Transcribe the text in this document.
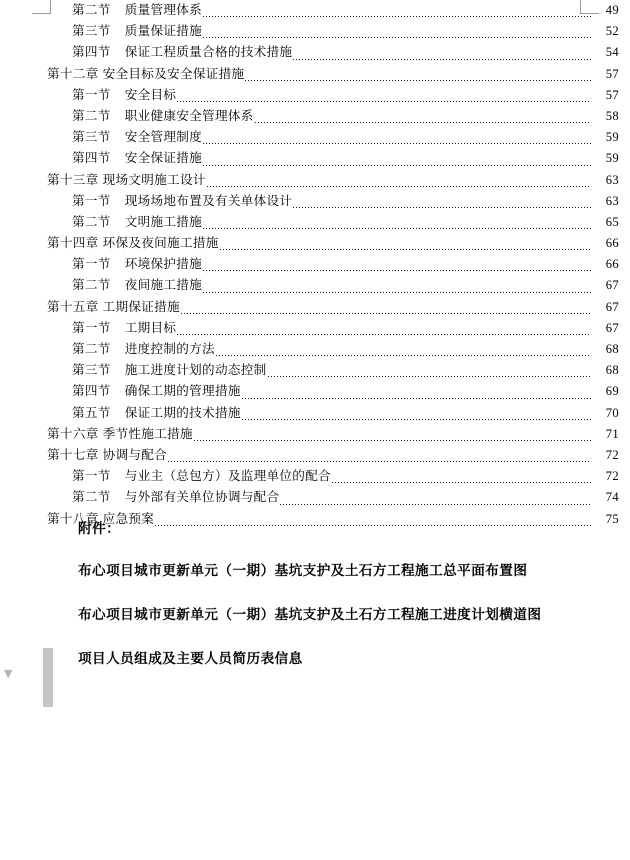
第二节 质量管理体系	49
第三节 质量保证措施	52
第四节 保证工程质量合格的技术措施	54
第十二章 安全目标及安全保证措施	57
第一节 安全目标	57
第二节 职业健康安全管理体系	58
第三节 安全管理制度	59
第四节 安全保证措施	59
第十三章 现场文明施工设计	63
第一节 现场场地布置及有关单体设计	63
第二节 文明施工措施	65
第十四章 环保及夜间施工措施	66
第一节 环境保护措施	66
第二节 夜间施工措施	67
第十五章 工期保证措施	67
第一节 工期目标	67
第二节 进度控制的方法	68
第三节 施工进度计划的动态控制	68
第四节 确保工期的管理措施	69
第五节 保证工期的技术措施	70
第十六章 季节性施工措施	71
第十七章 协调与配合	72
第一节 与业主（总包方）及监理单位的配合	72
第二节 与外部有关单位协调与配合	74
第十八章 应急预案	75
附件：
布心项目城市更新单元（一期）基坑支护及土石方工程施工总平面布置图
布心项目城市更新单元（一期）基坑支护及土石方工程施工进度计划横道图
项目人员组成及主要人员简历表信息
▼
